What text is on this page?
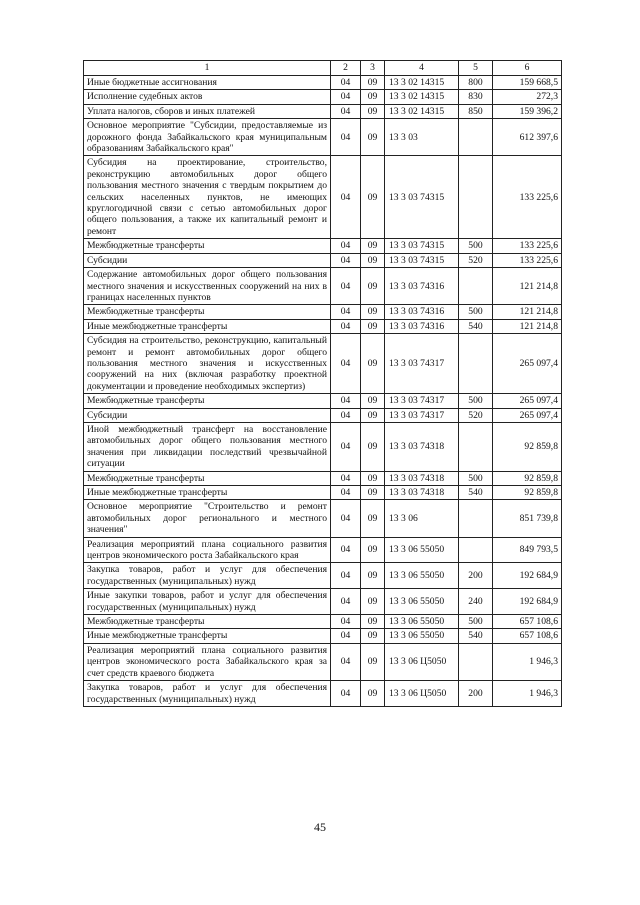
1	2	3	4	5	6
Иные бюджетные ассигнования	04	09	13 3 02 14315	800	159 668,5
Исполнение судебных актов	04	09	13 3 02 14315	830	272,3
Уплата налогов, сборов и иных платежей	04	09	13 3 02 14315	850	159 396,2
Основное мероприятие "Субсидии, предоставляемые из дорожного фонда Забайкальского края муниципальным образованиям Забайкальского края"	04	09	13 3 03		612 397,6
Субсидия на проектирование, строительство, реконструкцию автомобильных дорог общего пользования местного значения с твердым покрытием до сельских населенных пунктов, не имеющих круглогодичной связи с сетью автомобильных дорог общего пользования, а также их капитальный ремонт и ремонт	04	09	13 3 03 74315		133 225,6
Межбюджетные трансферты	04	09	13 3 03 74315	500	133 225,6
Субсидии	04	09	13 3 03 74315	520	133 225,6
Содержание автомобильных дорог общего пользования местного значения и искусственных сооружений на них в границах населенных пунктов	04	09	13 3 03 74316		121 214,8
Межбюджетные трансферты	04	09	13 3 03 74316	500	121 214,8
Иные межбюджетные трансферты	04	09	13 3 03 74316	540	121 214,8
Субсидия на строительство, реконструкцию, капитальный ремонт и ремонт автомобильных дорог общего пользования местного значения и искусственных сооружений на них (включая разработку проектной документации и проведение необходимых экспертиз)	04	09	13 3 03 74317		265 097,4
Межбюджетные трансферты	04	09	13 3 03 74317	500	265 097,4
Субсидии	04	09	13 3 03 74317	520	265 097,4
Иной межбюджетный трансферт на восстановление автомобильных дорог общего пользования местного значения при ликвидации последствий чрезвычайной ситуации	04	09	13 3 03 74318		92 859,8
Межбюджетные трансферты	04	09	13 3 03 74318	500	92 859,8
Иные межбюджетные трансферты	04	09	13 3 03 74318	540	92 859,8
Основное мероприятие "Строительство и ремонт автомобильных дорог регионального и местного значения"	04	09	13 3 06		851 739,8
Реализация мероприятий плана социального развития центров экономического роста Забайкальского края	04	09	13 3 06 55050		849 793,5
Закупка товаров, работ и услуг для обеспечения государственных (муниципальных) нужд	04	09	13 3 06 55050	200	192 684,9
Иные закупки товаров, работ и услуг для обеспечения государственных (муниципальных) нужд	04	09	13 3 06 55050	240	192 684,9
Межбюджетные трансферты	04	09	13 3 06 55050	500	657 108,6
Иные межбюджетные трансферты	04	09	13 3 06 55050	540	657 108,6
Реализация мероприятий плана социального развития центров экономического роста Забайкальского края за счет средств краевого бюджета	04	09	13 3 06 Ц5050		1 946,3
Закупка товаров, работ и услуг для обеспечения государственных (муниципальных) нужд	04	09	13 3 06 Ц5050	200	1 946,3
45
